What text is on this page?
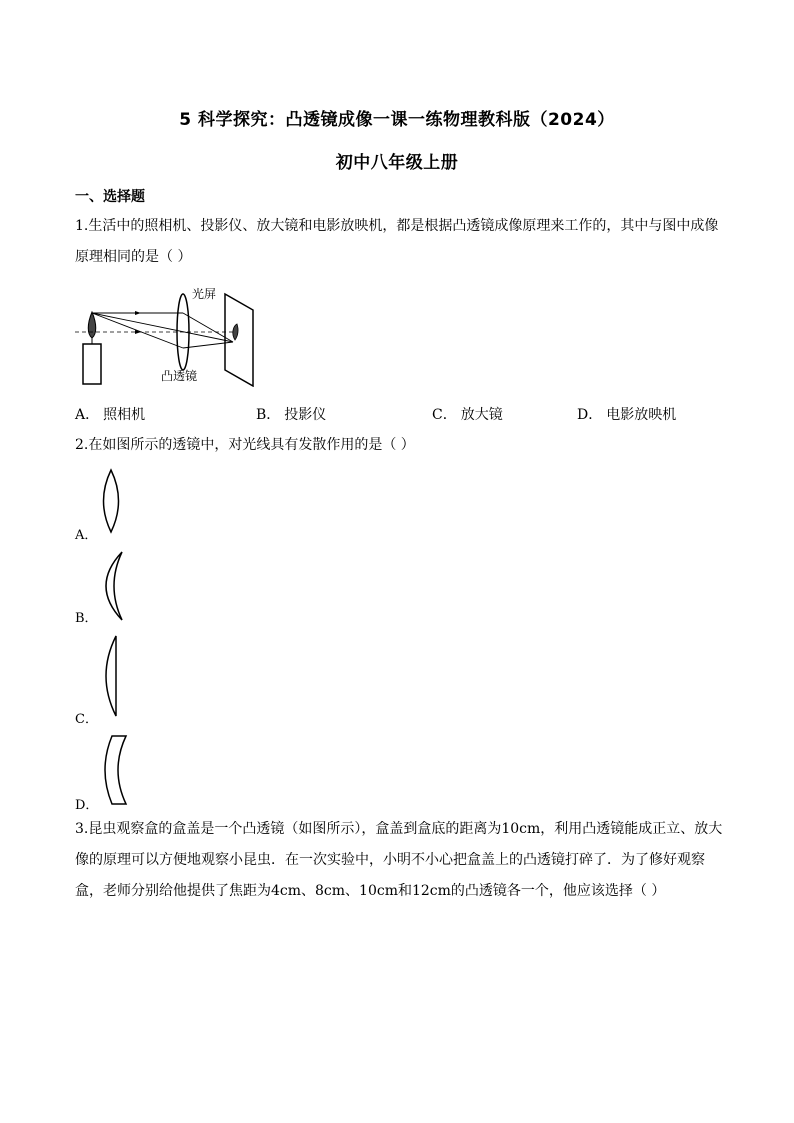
5 科学探究：凸透镜成像一课一练物理教科版（2024）
初中八年级上册
一、选择题
1.生活中的照相机、投影仪、放大镜和电影放映机，都是根据凸透镜成像原理来工作的，其中与图中成像原理相同的是（ ）
光屏
凸透镜
A． 照相机	B． 投影仪	C． 放大镜	D． 电影放映机
2.在如图所示的透镜中，对光线具有发散作用的是（ ）
A．
B．
C．
D．
3.昆虫观察盒的盒盖是一个凸透镜（如图所示），盒盖到盒底的距离为10cm，利用凸透镜能成正立、放大像的原理可以方便地观察小昆虫．在一次实验中，小明不小心把盒盖上的凸透镜打碎了．为了修好观察盒，老师分别给他提供了焦距为4cm、8cm、10cm和12cm的凸透镜各一个，他应该选择（ ）
